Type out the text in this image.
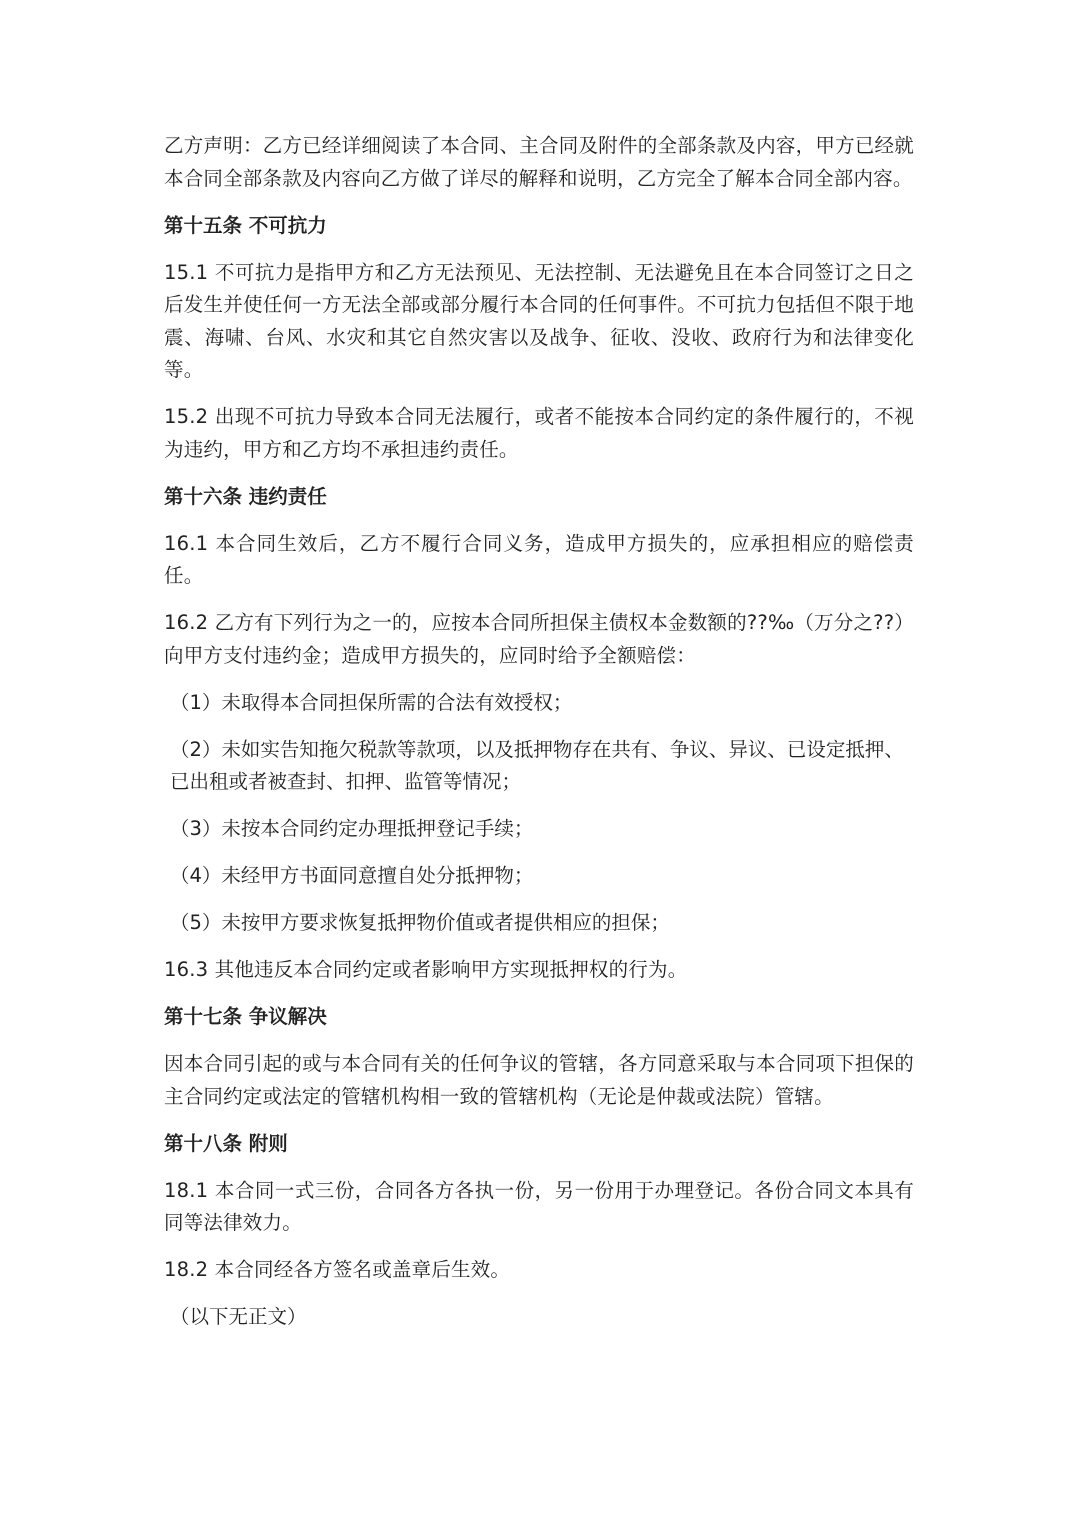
乙方声明：乙方已经详细阅读了本合同、主合同及附件的全部条款及内容，甲方已经就本合同全部条款及内容向乙方做了详尽的解释和说明，乙方完全了解本合同全部内容。

第十五条 不可抗力

15.1 不可抗力是指甲方和乙方无法预见、无法控制、无法避免且在本合同签订之日之后发生并使任何一方无法全部或部分履行本合同的任何事件。不可抗力包括但不限于地震、海啸、台风、水灾和其它自然灾害以及战争、征收、没收、政府行为和法律变化等。

15.2 出现不可抗力导致本合同无法履行，或者不能按本合同约定的条件履行的，不视为违约，甲方和乙方均不承担违约责任。

第十六条 违约责任

16.1 本合同生效后，乙方不履行合同义务，造成甲方损失的，应承担相应的赔偿责任。

16.2 乙方有下列行为之一的，应按本合同所担保主债权本金数额的??‰（万分之??）向甲方支付违约金；造成甲方损失的，应同时给予全额赔偿：

（1）未取得本合同担保所需的合法有效授权；

（2）未如实告知拖欠税款等款项，以及抵押物存在共有、争议、异议、已设定抵押、已出租或者被查封、扣押、监管等情况；

（3）未按本合同约定办理抵押登记手续；

（4）未经甲方书面同意擅自处分抵押物；

（5）未按甲方要求恢复抵押物价值或者提供相应的担保；

16.3 其他违反本合同约定或者影响甲方实现抵押权的行为。

第十七条 争议解决

因本合同引起的或与本合同有关的任何争议的管辖，各方同意采取与本合同项下担保的主合同约定或法定的管辖机构相一致的管辖机构（无论是仲裁或法院）管辖。

第十八条 附则

18.1 本合同一式三份，合同各方各执一份，另一份用于办理登记。各份合同文本具有同等法律效力。

18.2 本合同经各方签名或盖章后生效。

（以下无正文）
